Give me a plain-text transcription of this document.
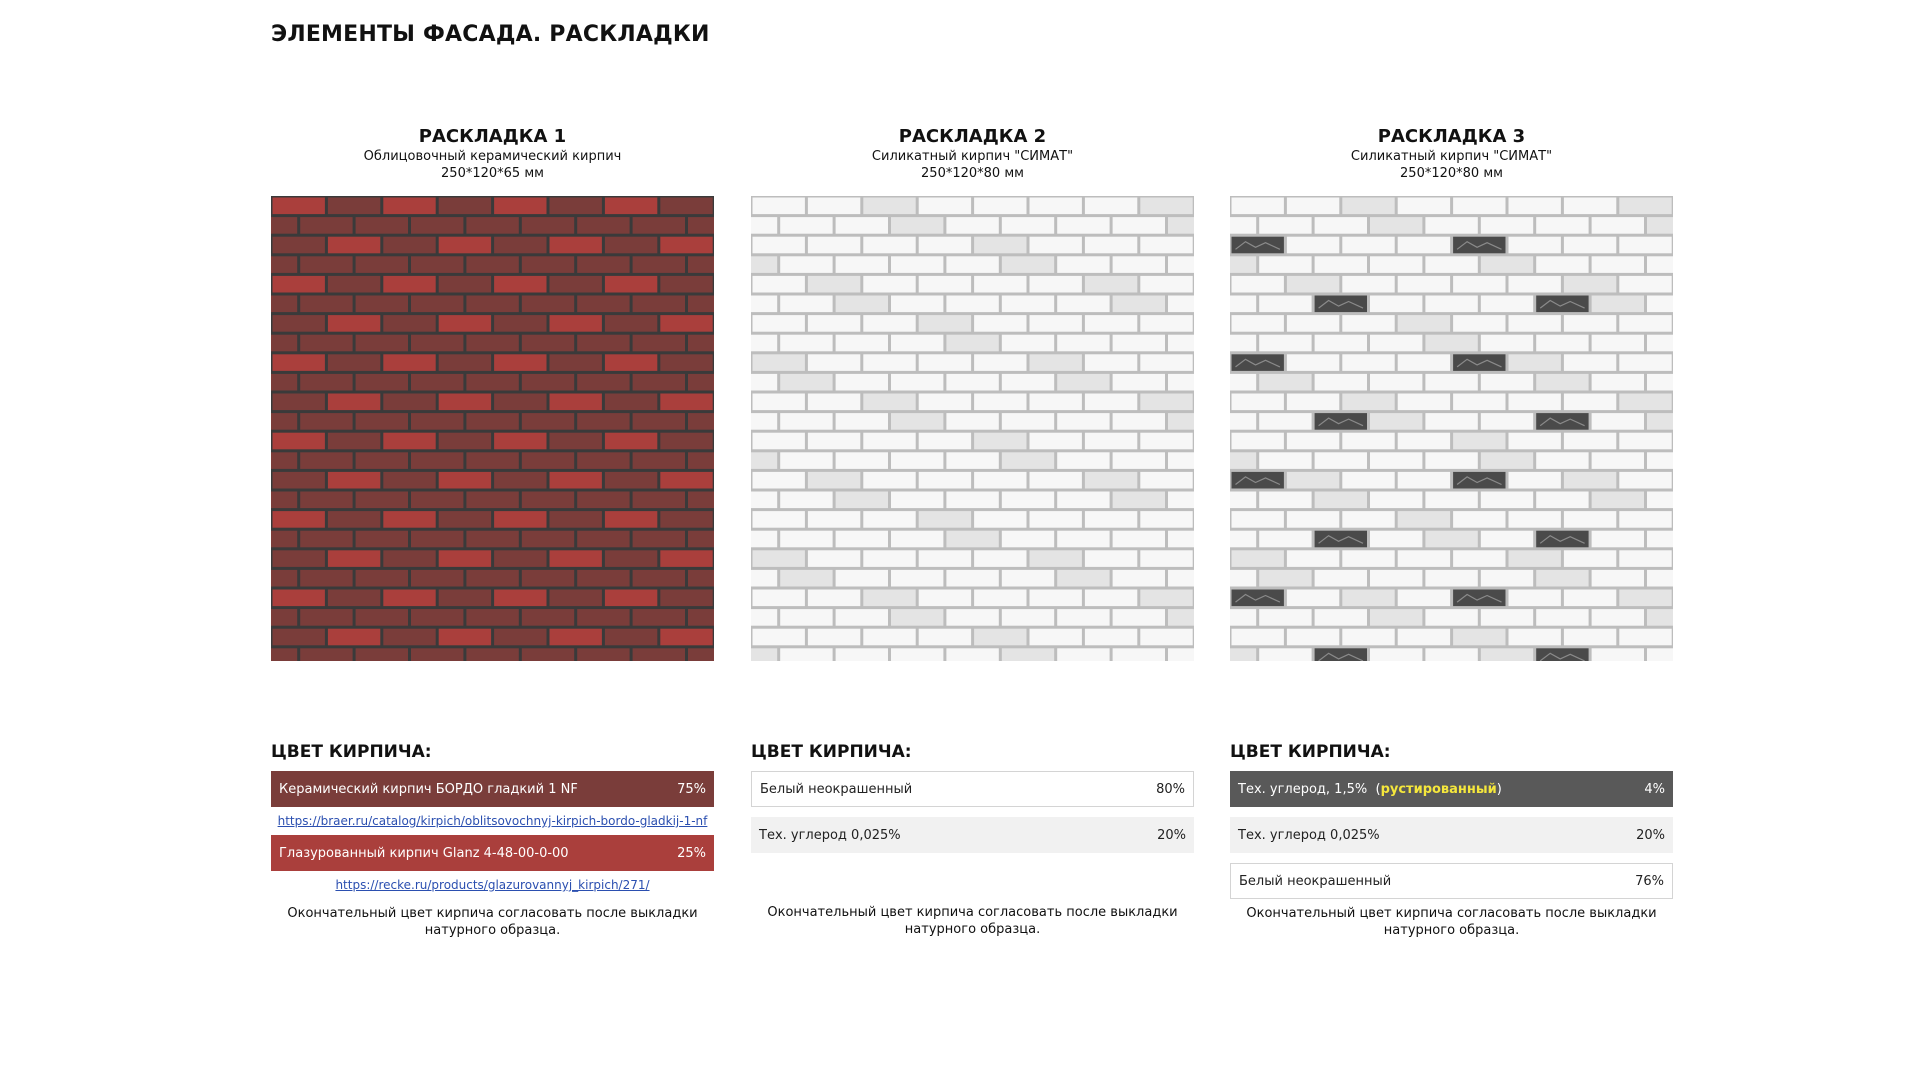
ЭЛЕМЕНТЫ ФАСАДА. РАСКЛАДКИ
РАСКЛАДКА 1
Облицовочный керамический кирпич
250*120*65 мм
ЦВЕТ КИРПИЧА:
Керамический кирпич БОРДО гладкий 1 NF	75%
https://braer.ru/catalog/kirpich/oblitsovochnyj-kirpich-bordo-gladkij-1-nf
Глазурованный кирпич Glanz 4-48-00-0-00	25%
https://recke.ru/products/glazurovannyj_kirpich/271/
Окончательный цвет кирпича согласовать после выкладки натурного образца.
РАСКЛАДКА 2
Силикатный кирпич "СИМАТ"
250*120*80 мм
ЦВЕТ КИРПИЧА:
Белый неокрашенный	80%
Тех. углерод 0,025%	20%
Окончательный цвет кирпича согласовать после выкладки натурного образца.
РАСКЛАДКА 3
Силикатный кирпич "СИМАТ"
250*120*80 мм
ЦВЕТ КИРПИЧА:
Тех. углерод, 1,5% (рустированный)	4%
Тех. углерод 0,025%	20%
Белый неокрашенный	76%
Окончательный цвет кирпича согласовать после выкладки натурного образца.
